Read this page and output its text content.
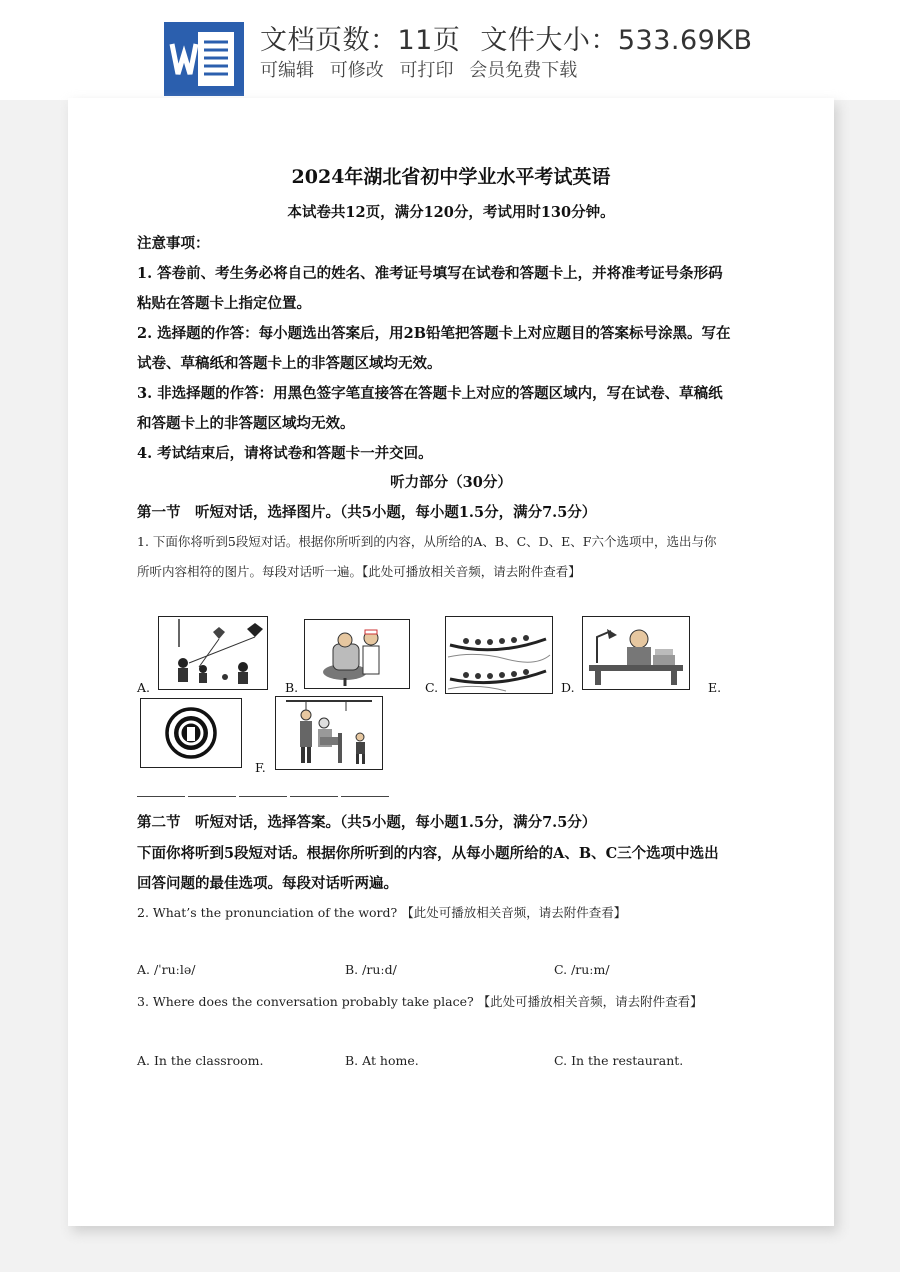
文档页数：11页 文件大小：533.69KB
可编辑 可修改 可打印 会员免费下载
2024年湖北省初中学业水平考试英语
本试卷共12页，满分120分，考试用时130分钟。
注意事项：
1. 答卷前、考生务必将自己的姓名、准考证号填写在试卷和答题卡上，并将准考证号条形码
粘贴在答题卡上指定位置。
2. 选择题的作答：每小题选出答案后，用2B铅笔把答题卡上对应题目的答案标号涂黑。写在
试卷、草稿纸和答题卡上的非答题区域均无效。
3. 非选择题的作答：用黑色签字笔直接答在答题卡上对应的答题区域内，写在试卷、草稿纸
和答题卡上的非答题区域均无效。
4. 考试结束后，请将试卷和答题卡一并交回。
听力部分（30分）
第一节　听短对话，选择图片。（共5小题，每小题1.5分，满分7.5分）
1. 下面你将听到5段短对话。根据你所听到的内容，从所给的A、B、C、D、E、F六个选项中，选出与你
所听内容相符的图片。每段对话听一遍。【此处可播放相关音频，请去附件查看】
A.	B.	C.	D.	E.
F.
第二节　听短对话，选择答案。（共5小题，每小题1.5分，满分7.5分）
下面你将听到5段短对话。根据你所听到的内容，从每小题所给的A、B、C三个选项中选出
回答问题的最佳选项。每段对话听两遍。
2. What’s the pronunciation of the word? 【此处可播放相关音频，请去附件查看】
A. /ˈruːlə/	B. /ruːd/	C. /ruːm/
3. Where does the conversation probably take place? 【此处可播放相关音频，请去附件查看】
A. In the classroom.	B. At home.	C. In the restaurant.
